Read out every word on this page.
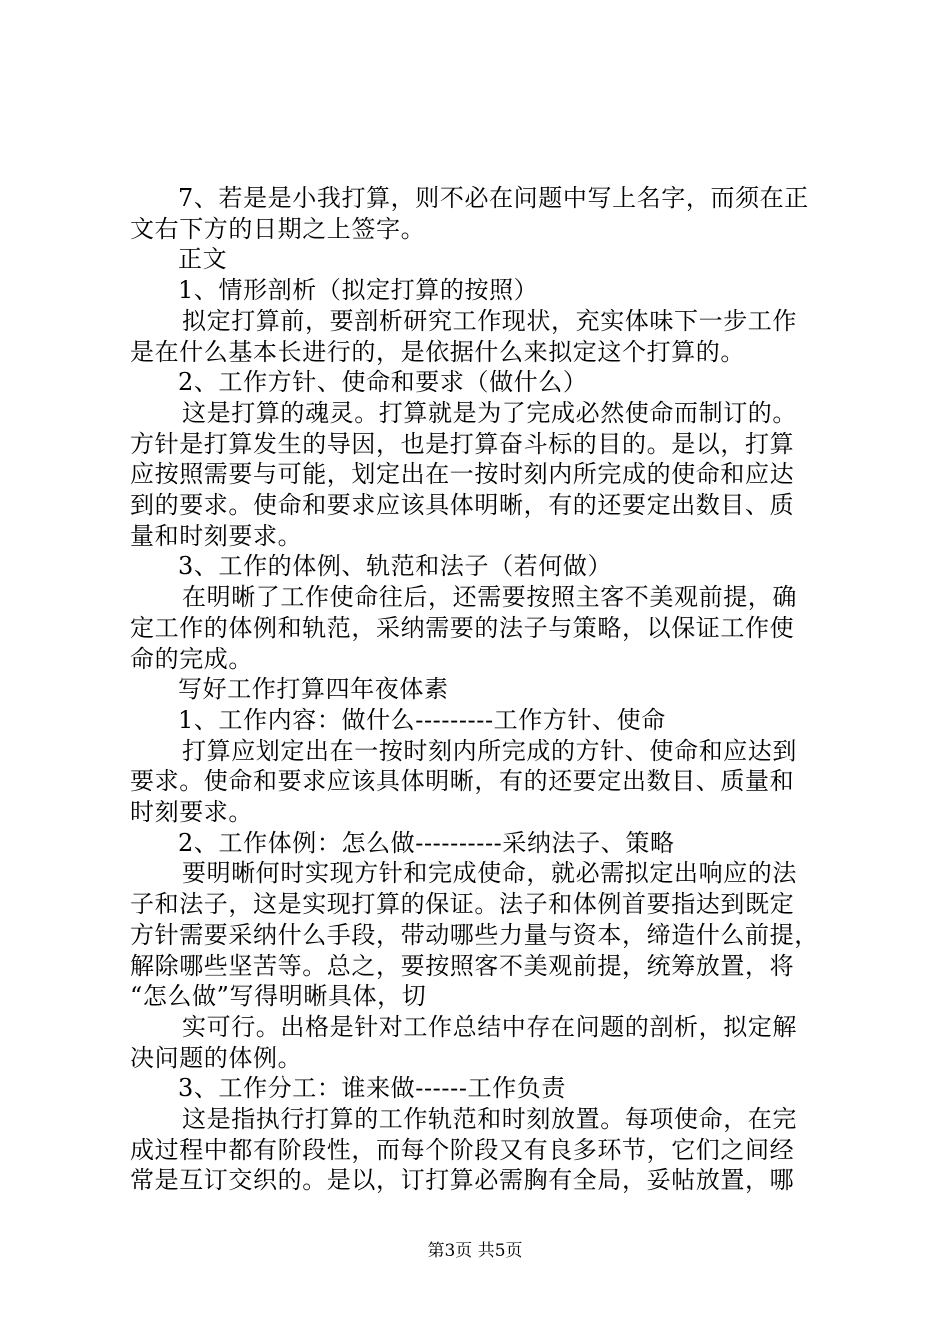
7、若是是小我打算，则不必在问题中写上名字，而须在正
文右下方的日期之上签字。
正文
1、情形剖析（拟定打算的按照）
拟定打算前，要剖析研究工作现状，充实体味下一步工作
是在什么基本长进行的，是依据什么来拟定这个打算的。
2、工作方针、使命和要求（做什么）
这是打算的魂灵。打算就是为了完成必然使命而制订的。
方针是打算发生的导因，也是打算奋斗标的目的。是以，打算
应按照需要与可能，划定出在一按时刻内所完成的使命和应达
到的要求。使命和要求应该具体明晰，有的还要定出数目、质
量和时刻要求。
3、工作的体例、轨范和法子（若何做）
在明晰了工作使命往后，还需要按照主客不美观前提，确
定工作的体例和轨范，采纳需要的法子与策略，以保证工作使
命的完成。
写好工作打算四年夜体素
1、工作内容：做什么---------工作方针、使命
打算应划定出在一按时刻内所完成的方针、使命和应达到
要求。使命和要求应该具体明晰，有的还要定出数目、质量和
时刻要求。
2、工作体例：怎么做----------采纳法子、策略
要明晰何时实现方针和完成使命，就必需拟定出响应的法
子和法子，这是实现打算的保证。法子和体例首要指达到既定
方针需要采纳什么手段，带动哪些力量与资本，缔造什么前提，
解除哪些坚苦等。总之，要按照客不美观前提，统筹放置，将
“怎么做”写得明晰具体，切
实可行。出格是针对工作总结中存在问题的剖析，拟定解
决问题的体例。
3、工作分工：谁来做------工作负责
这是指执行打算的工作轨范和时刻放置。每项使命，在完
成过程中都有阶段性，而每个阶段又有良多环节，它们之间经
常是互订交织的。是以，订打算必需胸有全局，妥帖放置，哪
第3页 共5页
